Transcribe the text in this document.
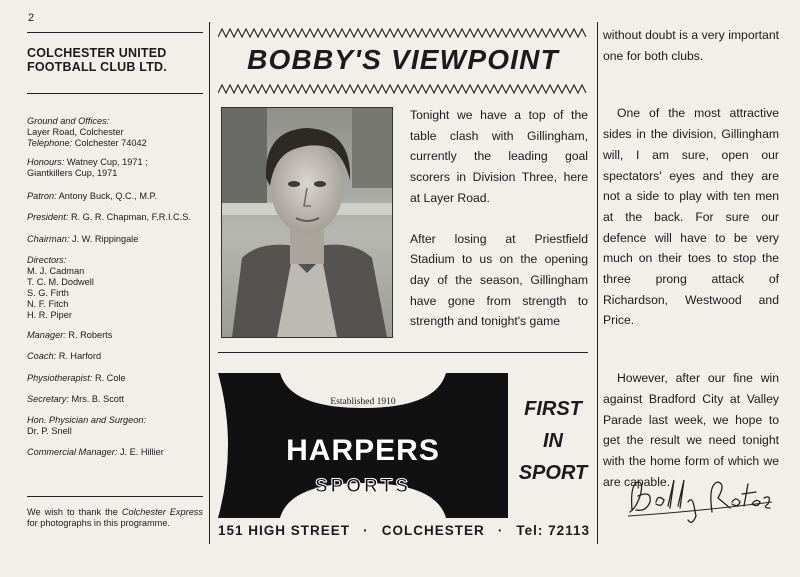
2
COLCHESTER UNITED
FOOTBALL CLUB LTD.
Ground and Offices:
Layer Road, Colchester
Telephone: Colchester 74042
Honours: Watney Cup, 1971 ;
Giantkillers Cup, 1971
Patron: Antony Buck, Q.C., M.P.
President: R. G. R. Chapman, F.R.I.C.S.
Chairman: J. W. Rippingale
Directors:
M. J. Cadman
T. C. M. Dodwell
S. G. Firth
N. F. Fitch
H. R. Piper
Manager: R. Roberts
Coach: R. Harford
Physiotherapist: R. Cole
Secretary: Mrs. B. Scott
Hon. Physician and Surgeon:
Dr. P. Snell
Commercial Manager: J. E. Hillier
We wish to thank the Colchester Express for photographs in this programme.
BOBBY'S VIEWPOINT

Tonight we have a top of the table clash with Gillingham, currently the leading goal scorers in Division Three, here at Layer Road.

After losing at Priestfield Stadium to us on the opening day of the season, Gillingham have gone from strength to strength and tonight's game

Established 1910
HARPERS
SPORTS
FIRST
IN
SPORT
151 HIGH STREET · COLCHESTER · Tel: 72113

without doubt is a very important one for both clubs.

One of the most attractive sides in the division, Gillingham will, I am sure, open our spectators' eyes and they are not a side to play with ten men at the back. For sure our defence will have to be very much on their toes to stop the three prong attack of Richardson, Westwood and Price.

However, after our fine win against Bradford City at Valley Parade last week, we hope to get the result we need tonight with the home form of which we are capable.
